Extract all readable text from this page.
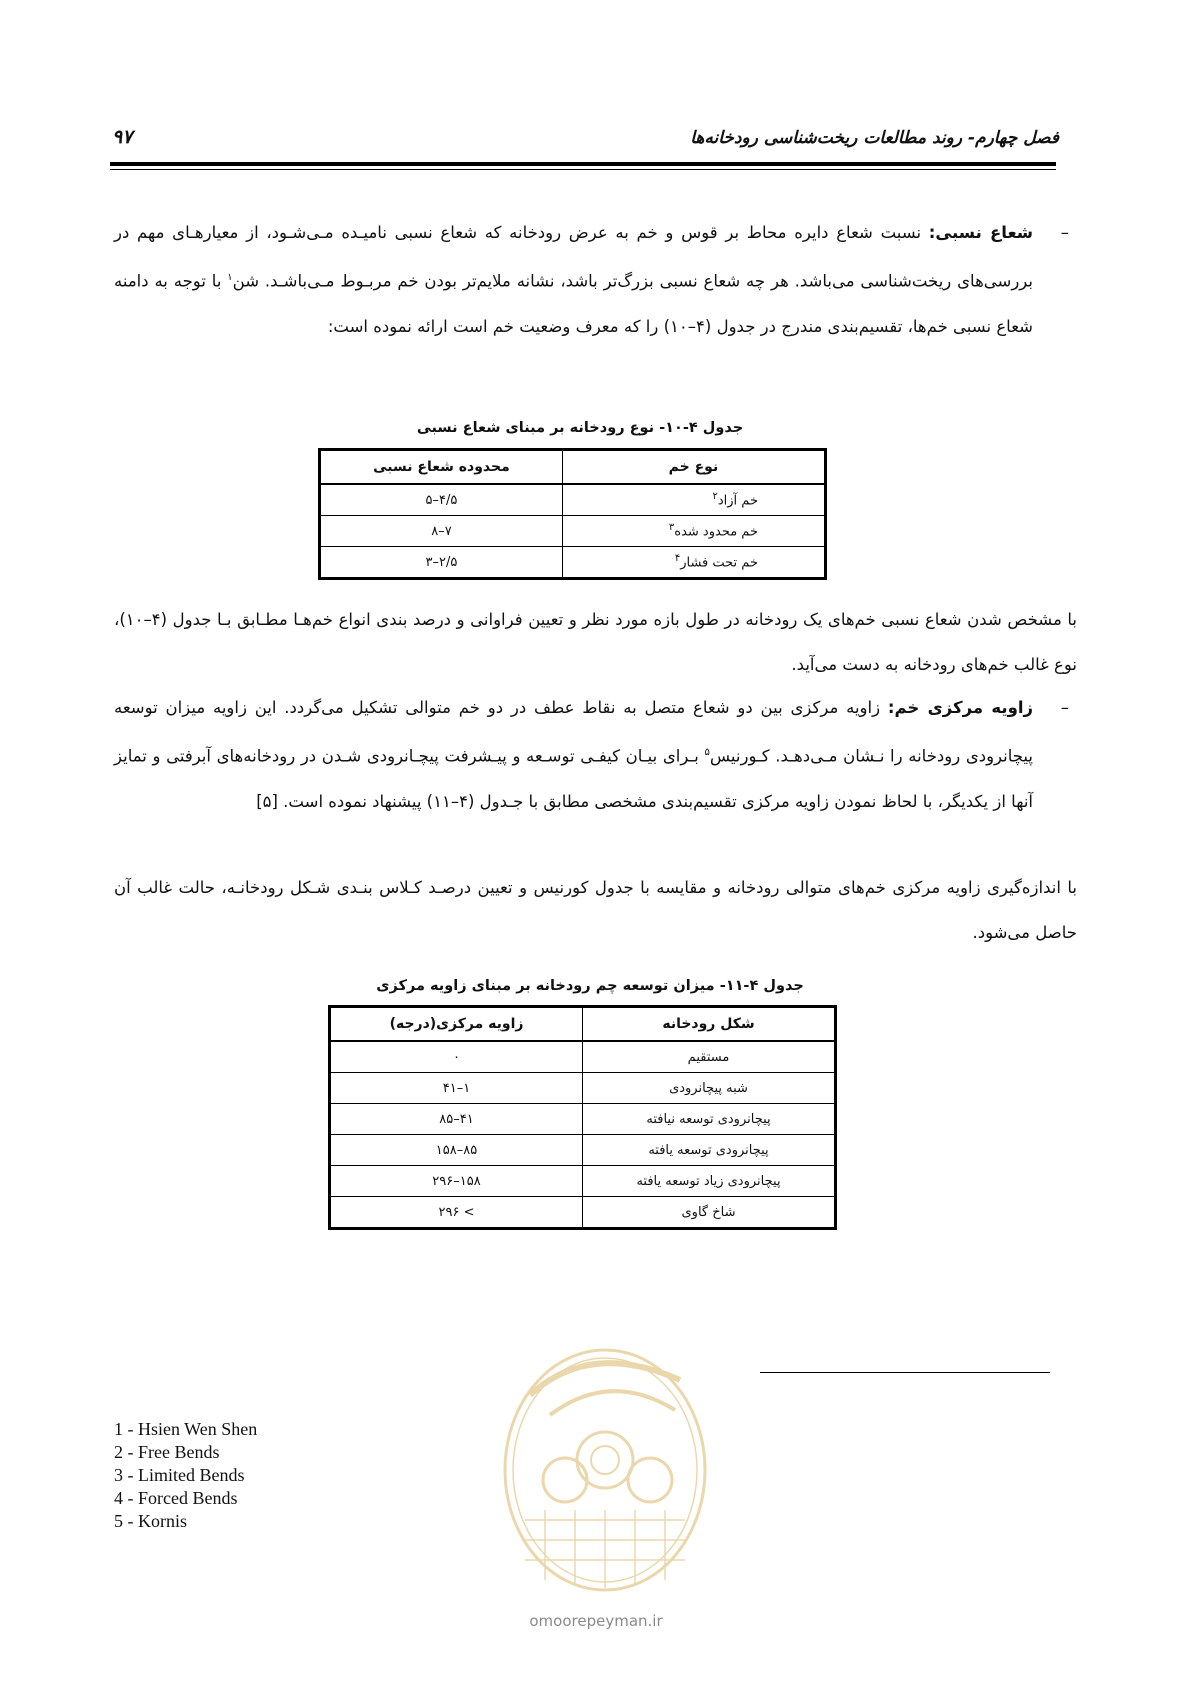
فصل چهارم- روند مطالعات ریخت‌شناسی رودخانه‌ها
۹۷
–
شعاع نسبی: نسبت شعاع دایره محاط بر قوس و خم به عرض رودخانه که شعاع نسبی نامیـده مـی‌شـود، از معیارهـای مهم در بررسی‌های ریخت‌شناسی می‌باشد. هر چه شعاع نسبی بزرگ‌تر باشد، نشانه ملایم‌تر بودن خم مربـوط مـی‌باشـد. شن$^۱$ با توجه به دامنه شعاع نسبی خم‌ها، تقسیم‌بندی مندرج در جدول (۴–۱۰) را که معرف وضعیت خم است ارائه نموده است:
جدول ۴-۱۰- نوع رودخانه بر مبنای شعاع نسبی
نوع خم	محدوده شعاع نسبی
خم آزاد$^۲$	۴/۵–۵
خم محدود شده$^۳$	۷–۸
خم تحت فشار$^۴$	۲/۵–۳
با مشخص شدن شعاع نسبی خم‌های یک رودخانه در طول بازه مورد نظر و تعیین فراوانی و درصد بندی انواع خم‌هـا مطـابق بـا جدول (۴–۱۰)، نوع غالب خم‌های رودخانه به دست می‌آید.
–
زاویه مرکزی خم: زاویه مرکزی بین دو شعاع متصل به نقاط عطف در دو خم متوالی تشکیل می‌گردد. این زاویه میزان توسعه پیچانرودی رودخانه را نـشان مـی‌دهـد. کـورنیس$^۵$ بـرای بیـان کیفـی توسـعه و پیـشرفت پیچـانرودی شـدن در رودخانه‌های آبرفتی و تمایز آنها از یکدیگر، با لحاظ نمودن زاویه مرکزی تقسیم‌بندی مشخصی مطابق با جـدول (۴–۱۱) پیشنهاد نموده است. [۵]
با اندازه‌گیری زاویه مرکزی خم‌های متوالی رودخانه و مقایسه با جدول کورنیس و تعیین درصـد کـلاس بنـدی شـکل رودخانـه، حالت غالب آن حاصل می‌شود.
جدول ۴-۱۱- میزان توسعه چم رودخانه بر مبنای زاویه مرکزی
شکل رودخانه	زاویه مرکزی(درجه)
مستقیم	۰
شبه پیچانرودی	۱–۴۱
پیچانرودی توسعه نیافته	۴۱–۸۵
پیچانرودی توسعه یافته	۸۵–۱۵۸
پیچانرودی زیاد توسعه یافته	۱۵۸–۲۹۶
شاخ گاوی	> ۲۹۶
1 - Hsien Wen Shen
2 - Free Bends
3 - Limited Bends
4 - Forced Bends
5 - Kornis
omoorepeyman.ir
